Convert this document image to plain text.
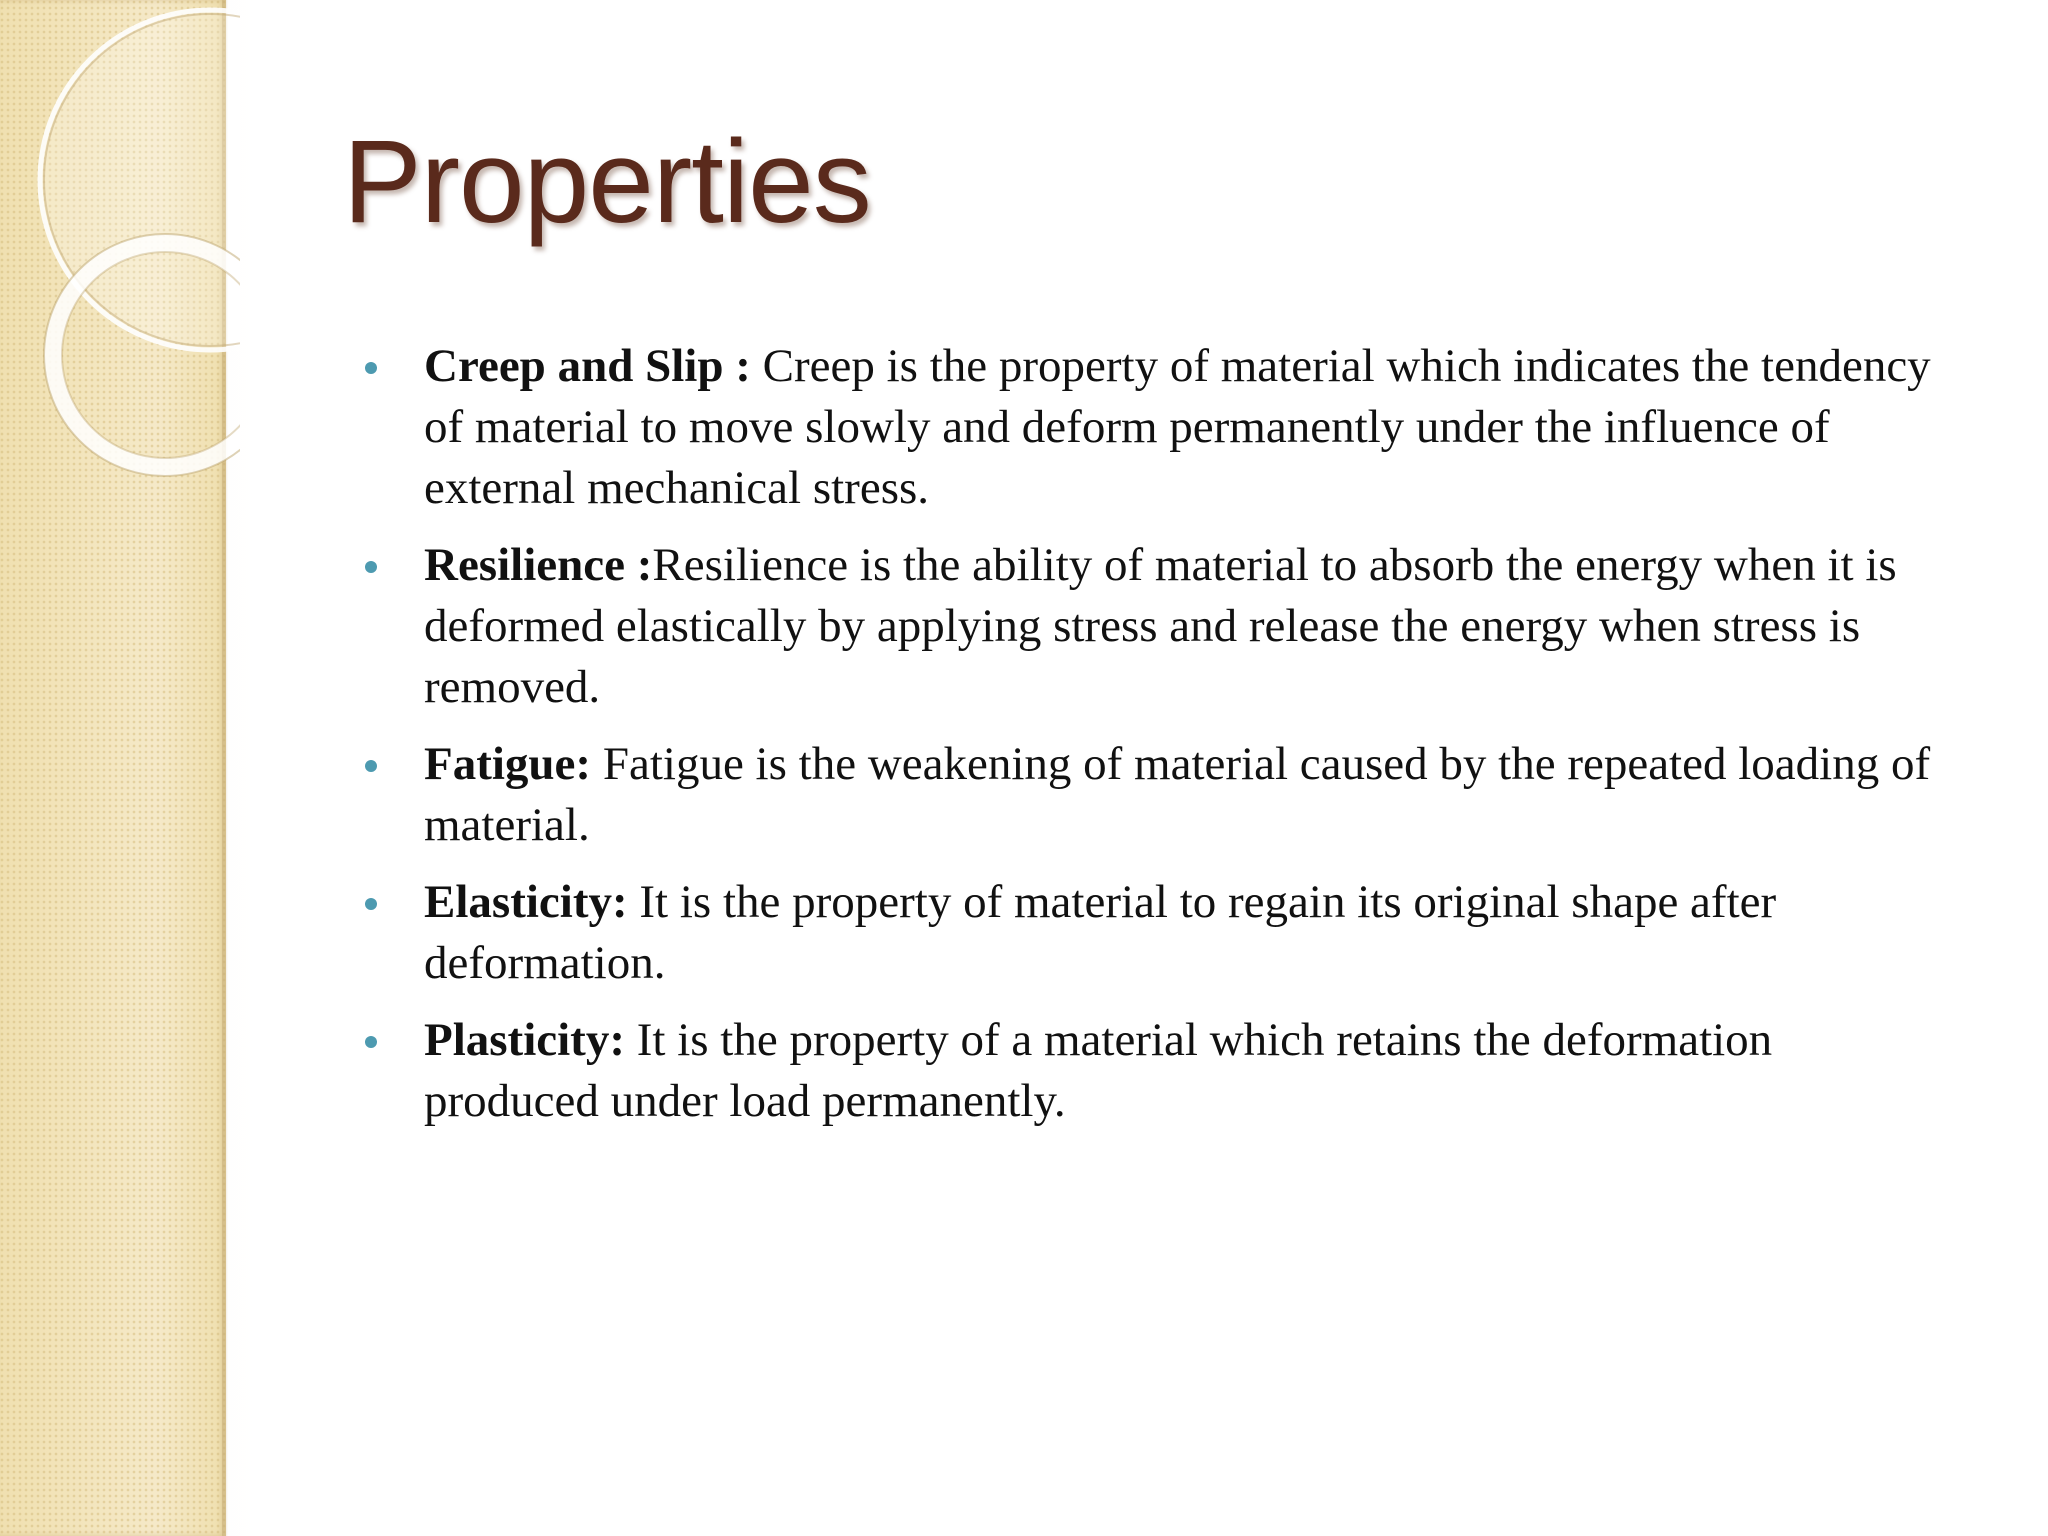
Properties
Creep and Slip : Creep is the property of material which indicates the tendency of material to move slowly and deform permanently under the influence of external mechanical stress.
Resilience :Resilience is the ability of material to absorb the energy when it is deformed elastically by applying stress and release the energy when stress is removed.
Fatigue: Fatigue is the weakening of material caused by the repeated loading of material.
Elasticity: It is the property of material to regain its original shape after deformation.
Plasticity: It is the property of a material which retains the deformation produced under load permanently.
